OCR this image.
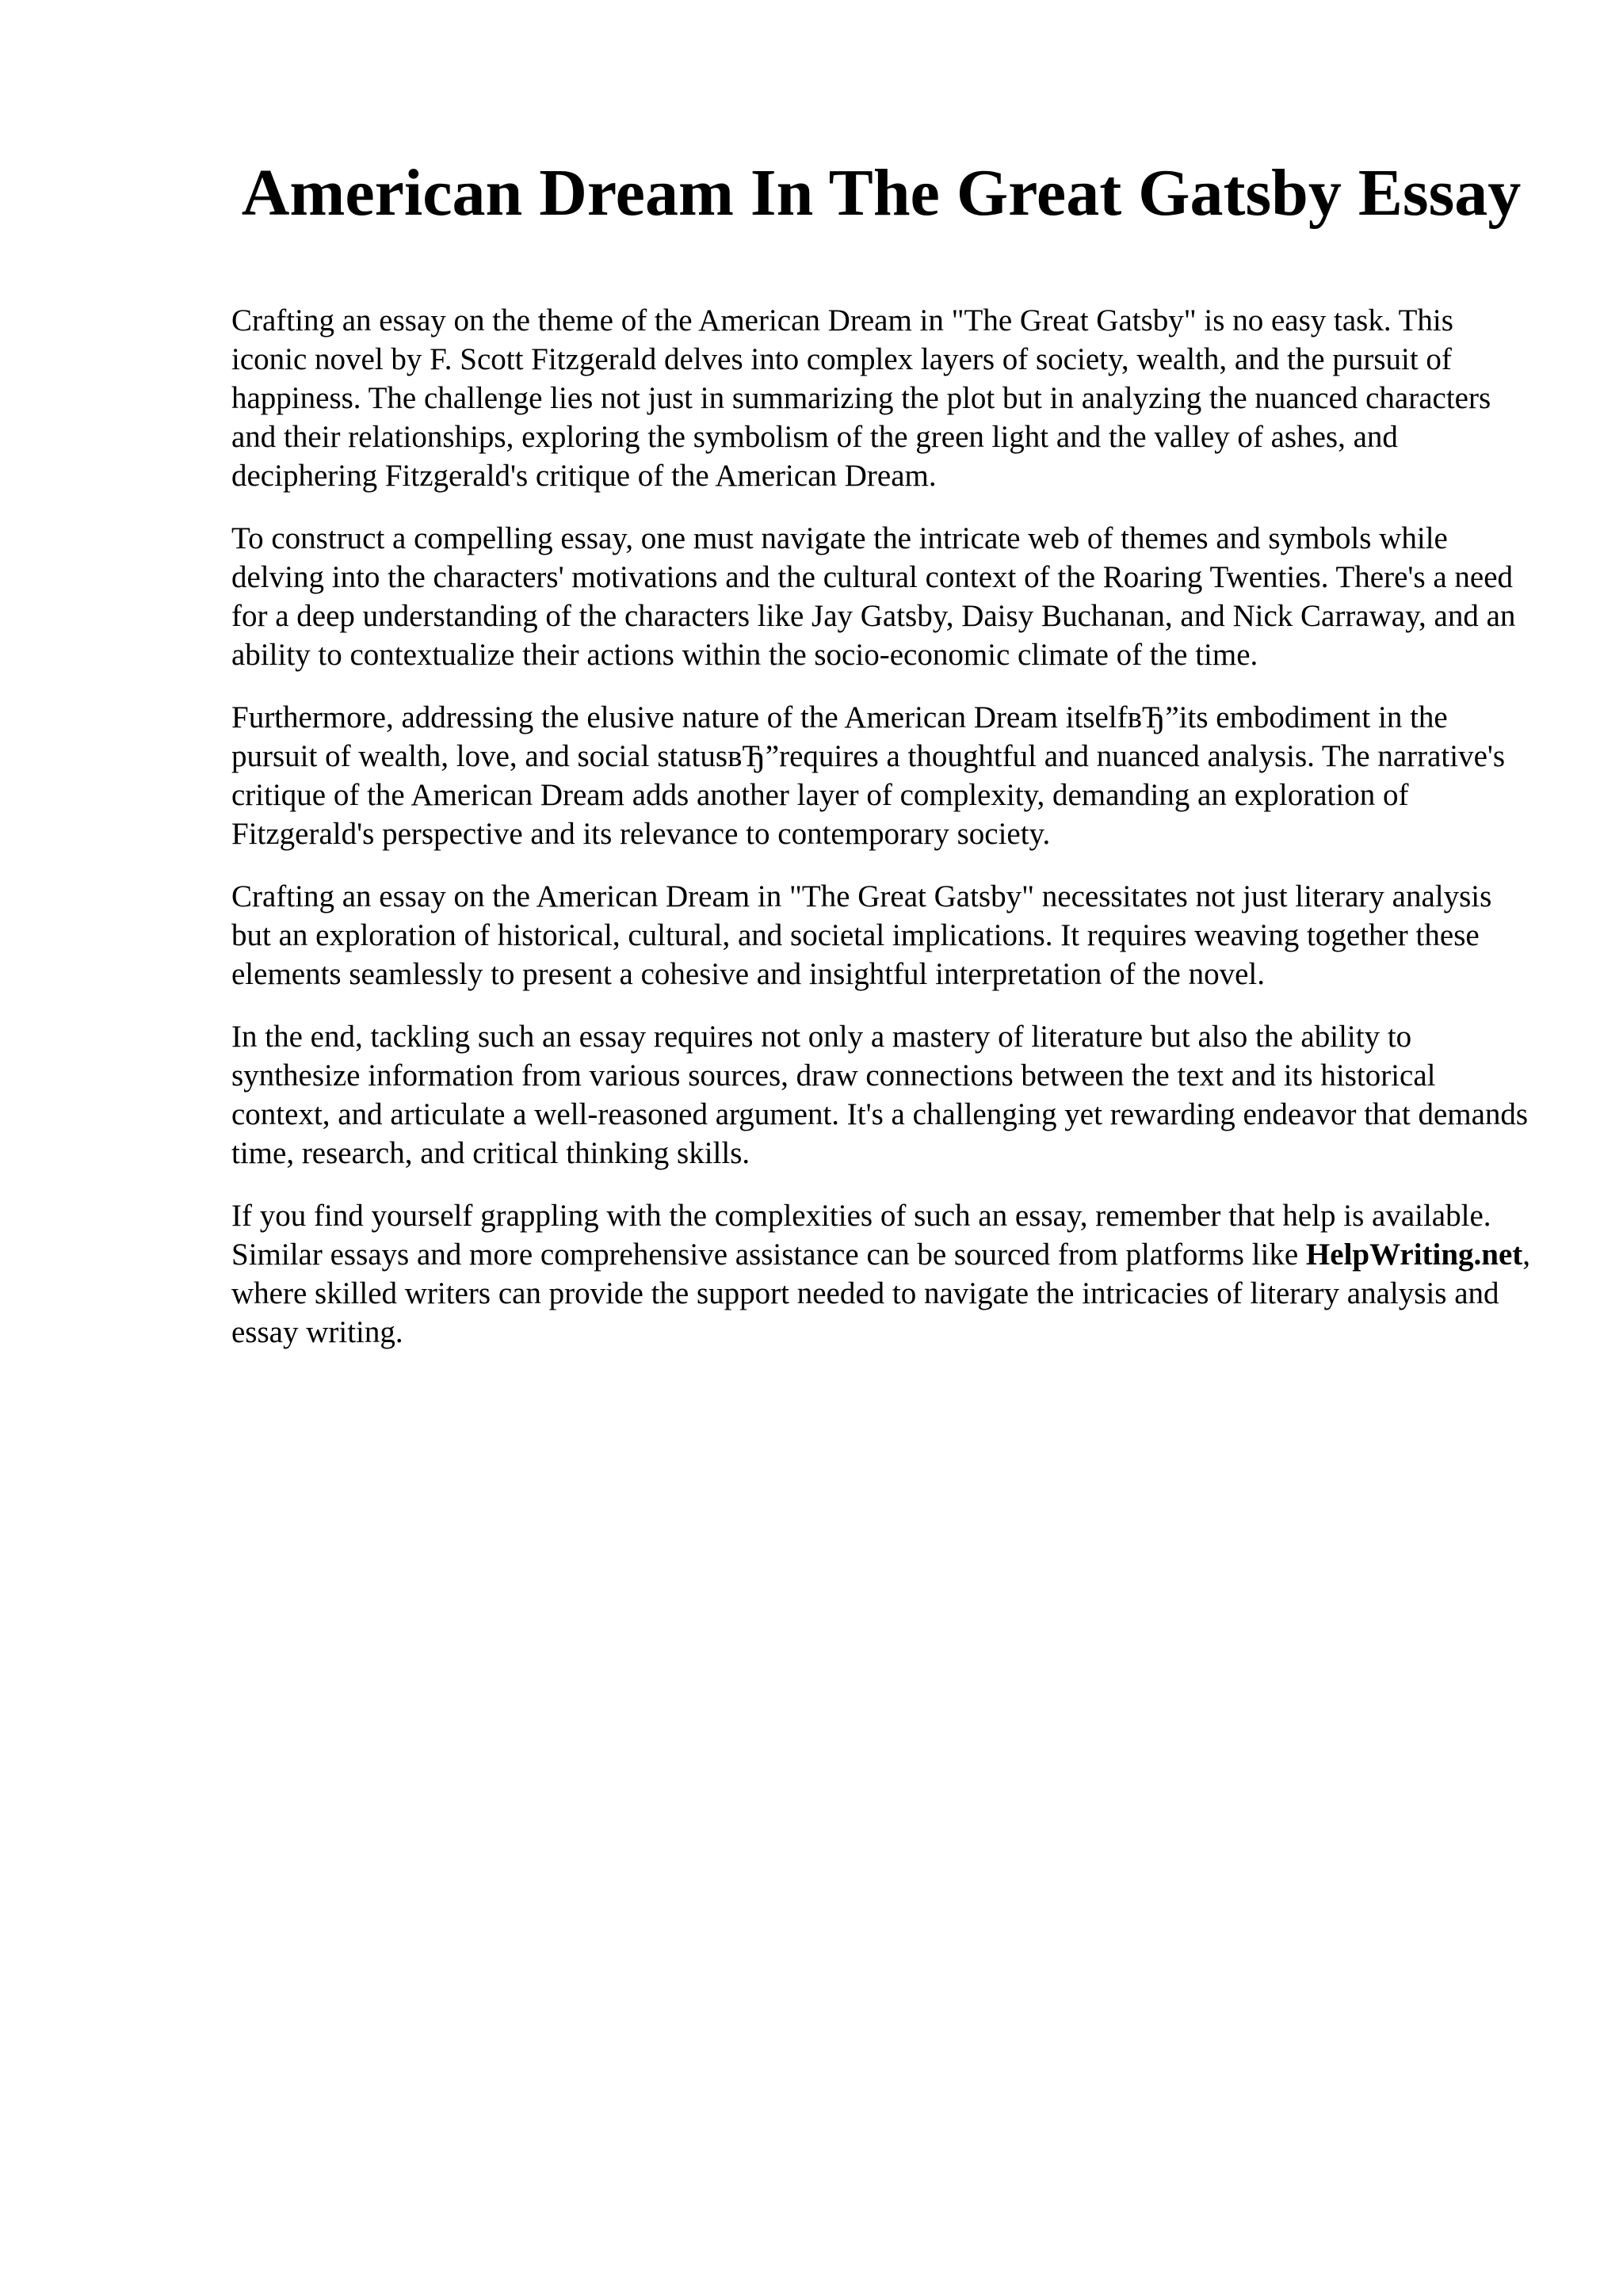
American Dream In The Great Gatsby Essay

Crafting an essay on the theme of the American Dream in "The Great Gatsby" is no easy task. This iconic novel by F. Scott Fitzgerald delves into complex layers of society, wealth, and the pursuit of happiness. The challenge lies not just in summarizing the plot but in analyzing the nuanced characters and their relationships, exploring the symbolism of the green light and the valley of ashes, and deciphering Fitzgerald's critique of the American Dream.

To construct a compelling essay, one must navigate the intricate web of themes and symbols while delving into the characters' motivations and the cultural context of the Roaring Twenties. There's a need for a deep understanding of the characters like Jay Gatsby, Daisy Buchanan, and Nick Carraway, and an ability to contextualize their actions within the socio-economic climate of the time.

Furthermore, addressing the elusive nature of the American Dream itselfвЂ”its embodiment in the pursuit of wealth, love, and social statusвЂ”requires a thoughtful and nuanced analysis. The narrative's critique of the American Dream adds another layer of complexity, demanding an exploration of Fitzgerald's perspective and its relevance to contemporary society.

Crafting an essay on the American Dream in "The Great Gatsby" necessitates not just literary analysis but an exploration of historical, cultural, and societal implications. It requires weaving together these elements seamlessly to present a cohesive and insightful interpretation of the novel.

In the end, tackling such an essay requires not only a mastery of literature but also the ability to synthesize information from various sources, draw connections between the text and its historical context, and articulate a well-reasoned argument. It's a challenging yet rewarding endeavor that demands time, research, and critical thinking skills.

If you find yourself grappling with the complexities of such an essay, remember that help is available. Similar essays and more comprehensive assistance can be sourced from platforms like HelpWriting.net, where skilled writers can provide the support needed to navigate the intricacies of literary analysis and essay writing.
